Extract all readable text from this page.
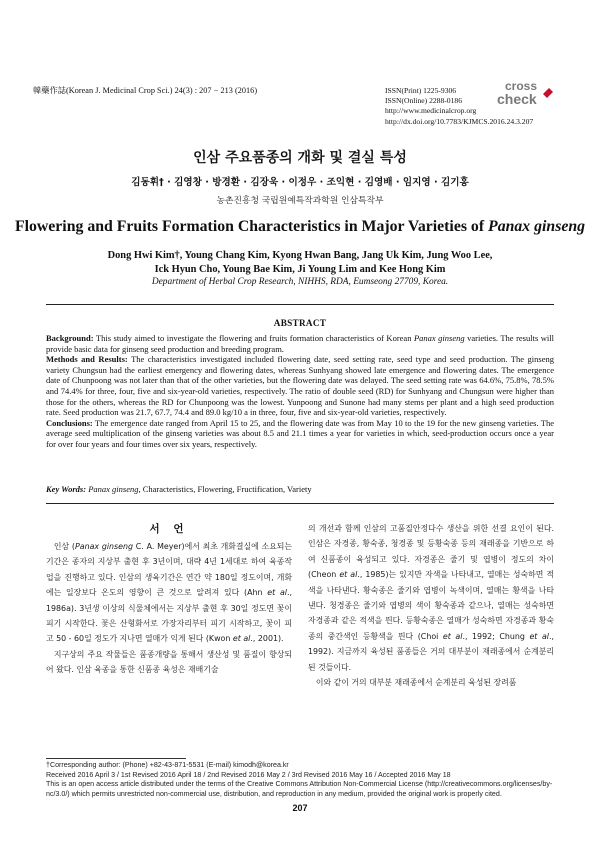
韓藥作誌(Korean J. Medicinal Crop Sci.) 24(3) : 207 − 213 (2016)	ISSN(Print) 1225-9306
ISSN(Online) 2288-0186
http://www.medicinalcrop.org
http://dx.doi.org/10.7783/KJMCS.2016.24.3.207
cross
check
인삼 주요품종의 개화 및 결실 특성
김동휘† · 김영창 · 방경환 · 김장욱 · 이정우 · 조익현 · 김영배 · 임지영 · 김기홍
농촌진흥청 국립원예특작과학원 인삼특작부
Flowering and Fruits Formation Characteristics in Major Varieties of Panax ginseng
Dong Hwi Kim†, Young Chang Kim, Kyong Hwan Bang, Jang Uk Kim, Jung Woo Lee,
Ick Hyun Cho, Young Bae Kim, Ji Young Lim and Kee Hong Kim
Department of Herbal Crop Research, NIHHS, RDA, Eumseong 27709, Korea.
ABSTRACT

Background: This study aimed to investigate the flowering and fruits formation characteristics of Korean Panax ginseng varieties. The results will provide basic data for ginseng seed production and breeding program.

Methods and Results: The characteristics investigated included flowering date, seed setting rate, seed type and seed production. The ginseng variety Chungsun had the earliest emergency and flowering dates, whereas Sunhyang showed late emergence and flowering dates. The emergence date of Chunpoong was not later than that of the other varieties, but the flowering date was delayed. The seed setting rate was 64.6%, 75.8%, 78.5% and 74.4% for three, four, five and six-year-old varieties, respectively. The ratio of double seed (RD) for Sunhyang and Chungsun were higher than those for the others, whereas the RD for Chunpoong was the lowest. Yunpoong and Sunone had many stems per plant and a high seed production rate. Seed production was 21.7, 67.7, 74.4 and 89.0 kg/10 a in three, four, five and six-year-old varieties, respectively.

Conclusions: The emergence date ranged from April 15 to 25, and the flowering date was from May 10 to the 19 for the new ginseng varieties. The average seed multiplication of the ginseng varieties was about 8.5 and 21.1 times a year for varieties in which, seed-production occurs once a year for over four years and four times over six years, respectively.

Key Words: Panax ginseng, Characteristics, Flowering, Fructification, Variety
서 언

 인삼 (Panax ginseng C. A. Meyer)에서 최초 개화결실에 소요되는 기간은 종자의 지상부 출현 후 3년이며, 대략 4년 1세대로 하여 육종작업을 진행하고 있다. 인삼의 생육기간은 연간 약 180일 정도이며, 개화에는 일장보다 온도의 영향이 큰 것으로 알려져 있다 (Ahn et al., 1986a). 3년생 이상의 식물체에서는 지상부 출현 후 30일 정도면 꽃이 피기 시작한다. 꽃은 산형화서로 가장자리부터 피기 시작하고, 꽃이 피고 50 - 60일 정도가 지나면 열매가 익게 된다 (Kwon et al., 2001).

 지구상의 주요 작물들은 품종개량을 통해서 생산성 및 품질이 향상되어 왔다. 인삼 육종을 통한 신품종 육성은 재배기술

의 개선과 함께 인삼의 고품질안정다수 생산을 위한 선결 요인이 된다. 인삼은 자경종, 황숙종, 청경종 및 등황숙종 등의 재래종을 기반으로 하여 신품종이 육성되고 있다. 자경종은 줄기 및 엽병이 정도의 차이 (Cheon et al., 1985)는 있지만 자색을 나타내고, 열매는 성숙하면 적색을 나타낸다. 황숙종은 줄기와 엽병이 녹색이며, 열매는 황색을 나타낸다. 청경종은 줄기와 엽병의 색이 황숙종과 같으나, 열매는 성숙하면 자경종과 같은 적색을 띈다. 등황숙종은 열매가 성숙하면 자경종과 황숙종의 중간색인 등황색을 띈다 (Choi et al., 1992; Chung et al., 1992). 지금까지 육성된 품종들은 거의 대부분이 재래종에서 순계분리된 것들이다.

 이와 같이 거의 대부분 재래종에서 순계분리 육성된 장려품

†Corresponding author: (Phone) +82-43-871-5531 (E-mail) kimodh@korea.kr
Received 2016 April 3 / 1st Revised 2016 April 18 / 2nd Revised 2016 May 2 / 3rd Revised 2016 May 16 / Accepted 2016 May 18
This is an open access article distributed under the terms of the Creative Commons Attribution Non-Commercial License (http://creativecommons.org/licenses/by-nc/3.0/) which permits unrestricted non-commercial use, distribution, and reproduction in any medium, provided the original work is properly cited.
207
